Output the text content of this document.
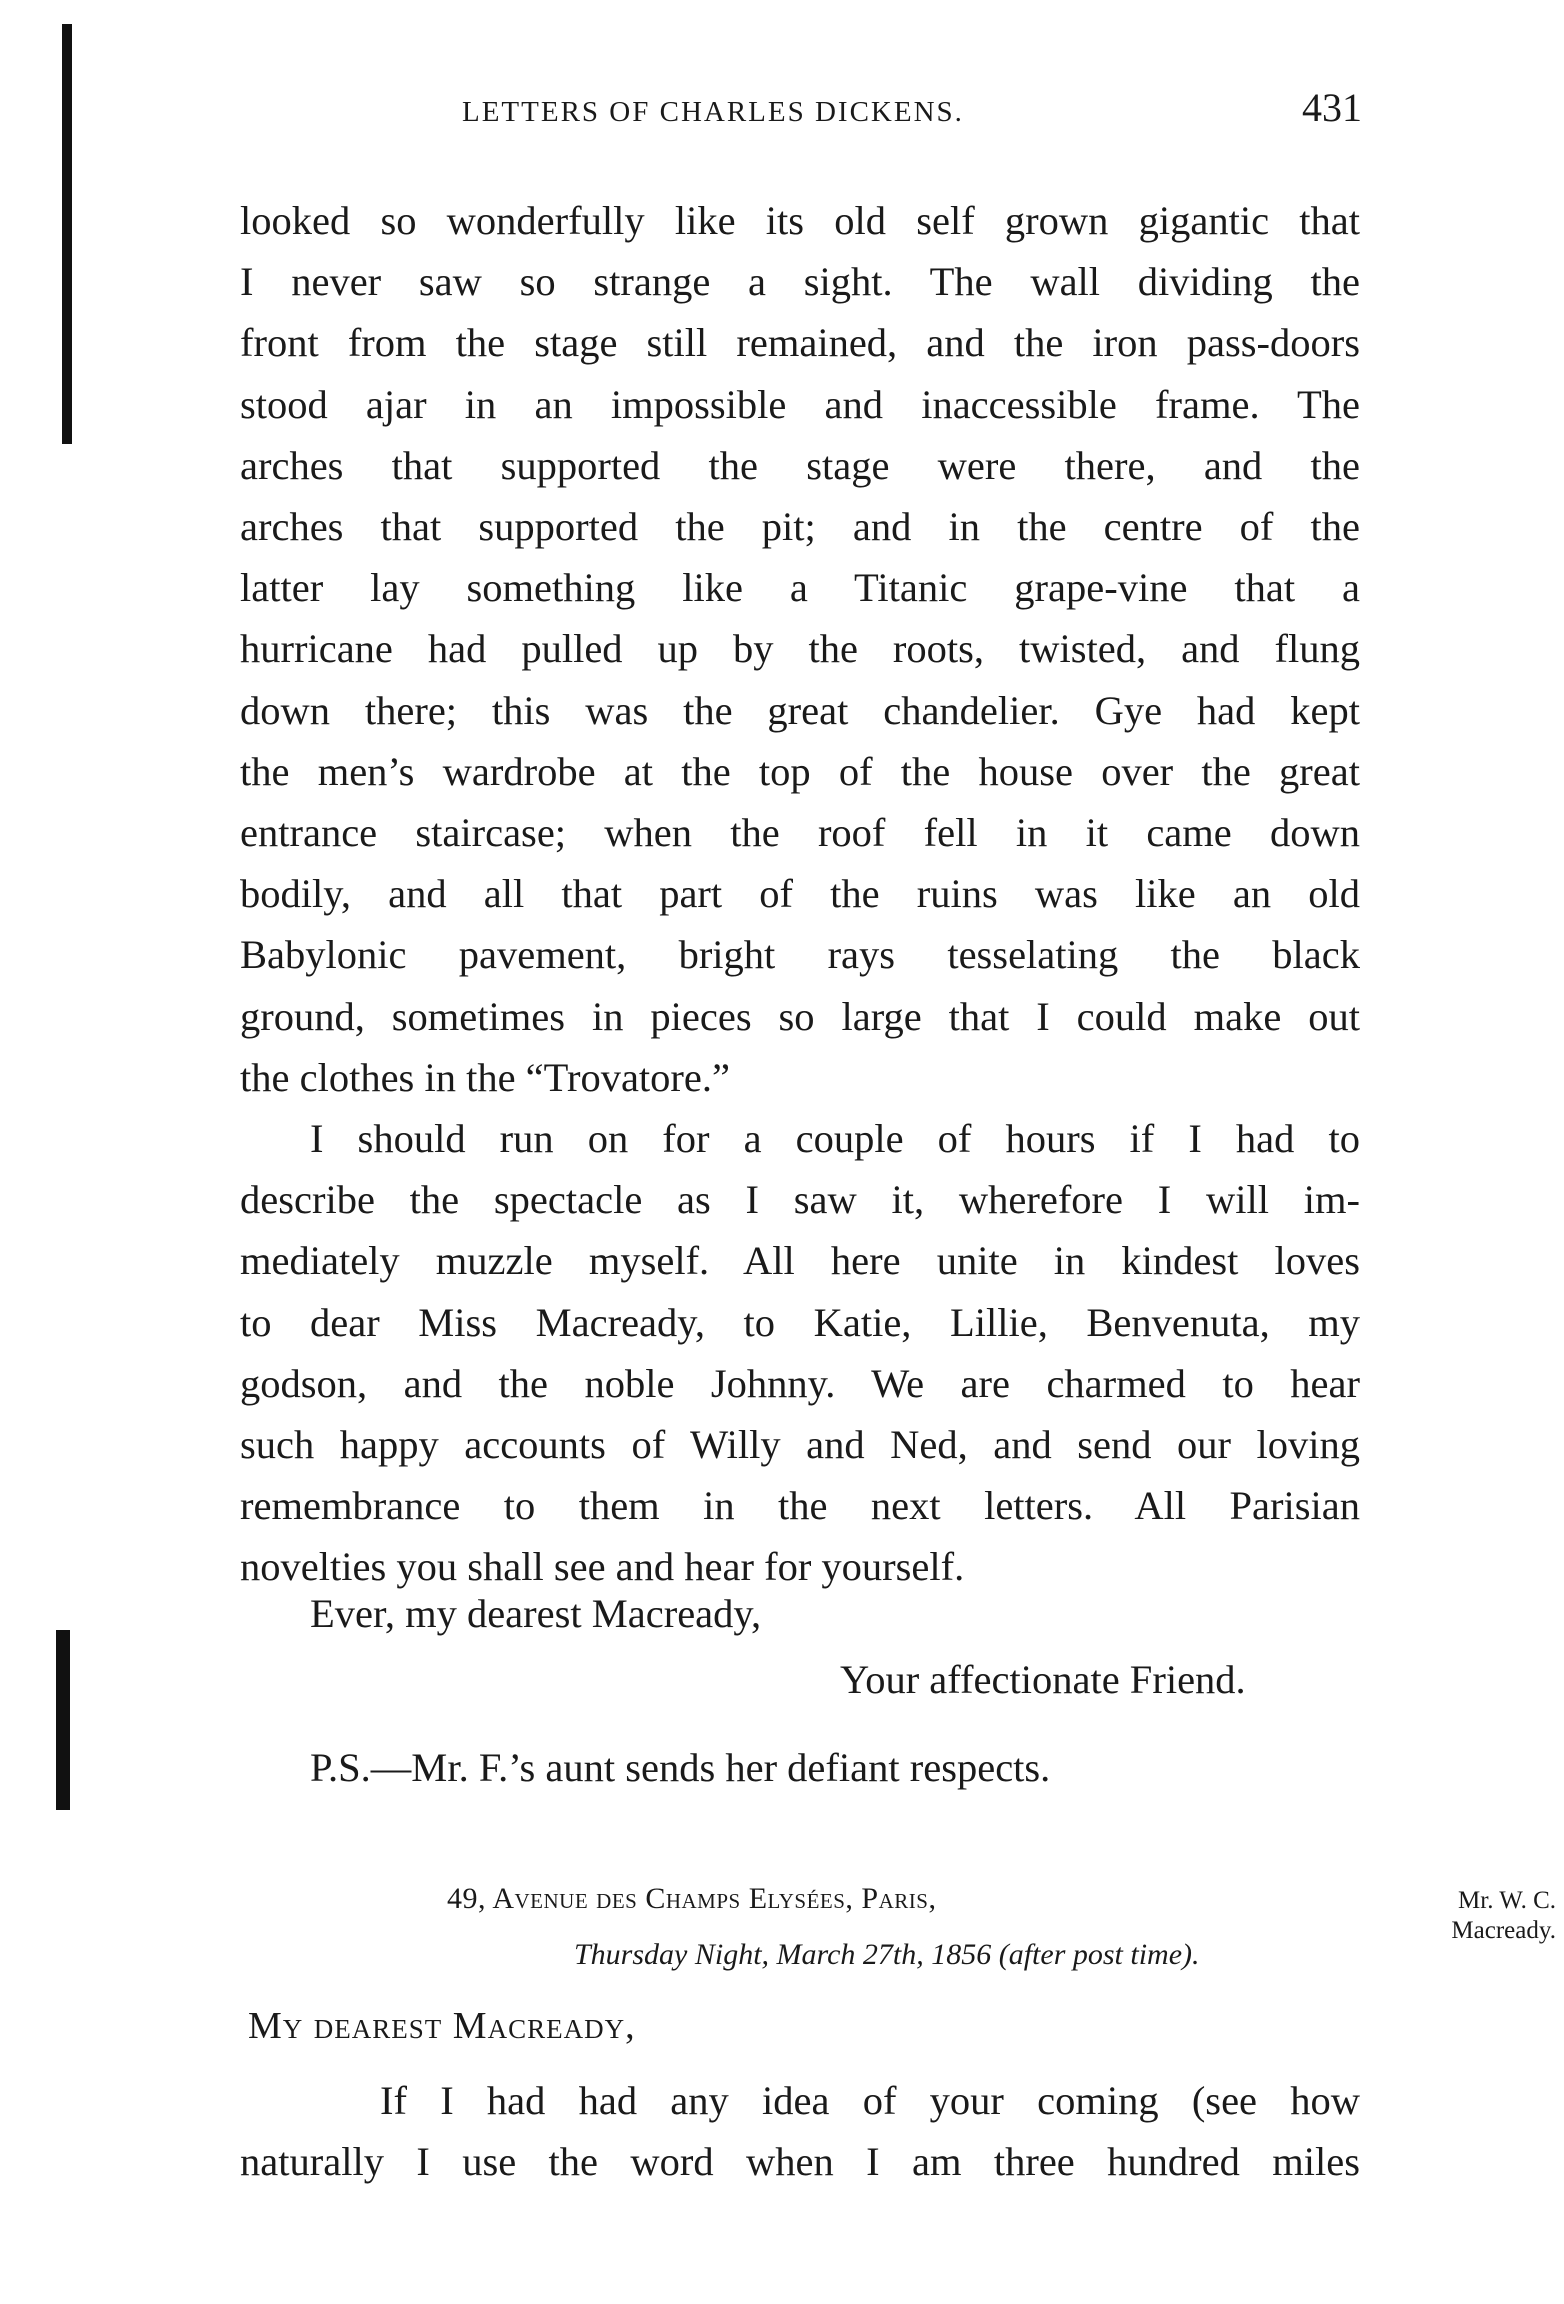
LETTERS OF CHARLES DICKENS.	431
looked so wonderfully like its old self grown gigantic that
I never saw so strange a sight. The wall dividing the
front from the stage still remained, and the iron pass-doors
stood ajar in an impossible and inaccessible frame. The
arches that supported the stage were there, and the
arches that supported the pit; and in the centre of the
latter lay something like a Titanic grape-vine that a
hurricane had pulled up by the roots, twisted, and flung
down there; this was the great chandelier. Gye had kept
the men’s wardrobe at the top of the house over the great
entrance staircase; when the roof fell in it came down
bodily, and all that part of the ruins was like an old
Babylonic pavement, bright rays tesselating the black
ground, sometimes in pieces so large that I could make out
the clothes in the “Trovatore.”
I should run on for a couple of hours if I had to
describe the spectacle as I saw it, wherefore I will im-
mediately muzzle myself. All here unite in kindest loves
to dear Miss Macready, to Katie, Lillie, Benvenuta, my
godson, and the noble Johnny. We are charmed to hear
such happy accounts of Willy and Ned, and send our loving
remembrance to them in the next letters. All Parisian
novelties you shall see and hear for yourself.
Ever, my dearest Macready,
Your affectionate Friend.
P.S.—Mr. F.’s aunt sends her defiant respects.
49, Avenue des Champs Elysées, Paris,
Thursday Night, March 27th, 1856 (after post time).
Mr. W. C.
Macready.
My dearest Macready,
If I had had any idea of your coming (see how
naturally I use the word when I am three hundred miles
